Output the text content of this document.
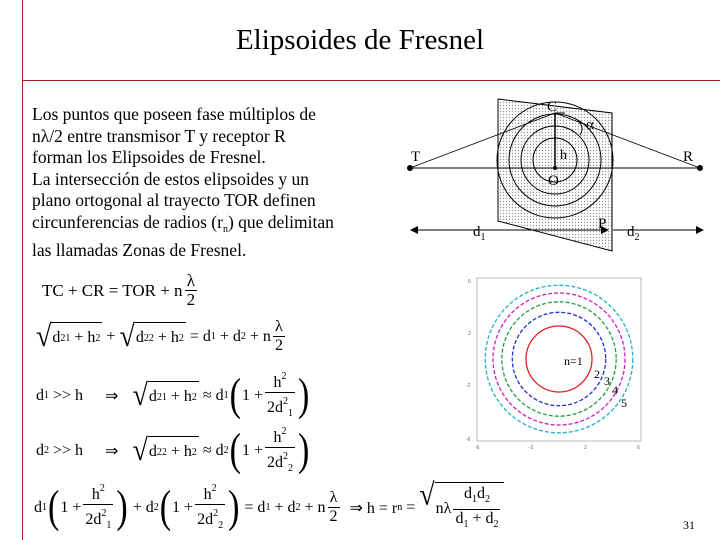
Elipsoides de Fresnel

Los puntos que poseen fase múltiplos de

nλ/2 entre transmisor T y receptor R

forman los Elipsoides de Fresnel.

La intersección de estos elipsoides y un

plano ortogonal al trayecto TOR definen

circunferencias de radios $(r_n)$ que delimitan

las llamadas Zonas de Fresnel.

TC + CR = TOR + n $\frac{\lambda}{2}$
√ d 2 1 + h 2 + √ d 2 2 + h 2
= d 1
+ d 2
+ n $\frac{\lambda}{2}$
d 1
>> h ⇒ √ d 2 1 + h 2
≈ d 1 ( $1 + \frac{h^2}{2d^2_1}$ )
d 2
>> h ⇒ √ d 2 2 + h 2
≈ d 2 ( $1 + \frac{h^2}{2d^2_2}$ )
d 1 ( $1 + \frac{h^2}{2d^2_1}$ )
+ d 2 ( $1 + \frac{h^2}{2d^2_2}$ )
= d 1 + d 2
+ n $\frac{\lambda}{2}$ ⇒ h = r n = √ nλ $\frac{d_1d_2}{d_1 + d_2}$
C
α
T	R
h
O
P
$d_1$	$d_2$
n=1
2 3
4
5
6
2
-2
-6
-6	-2	2	6
31
